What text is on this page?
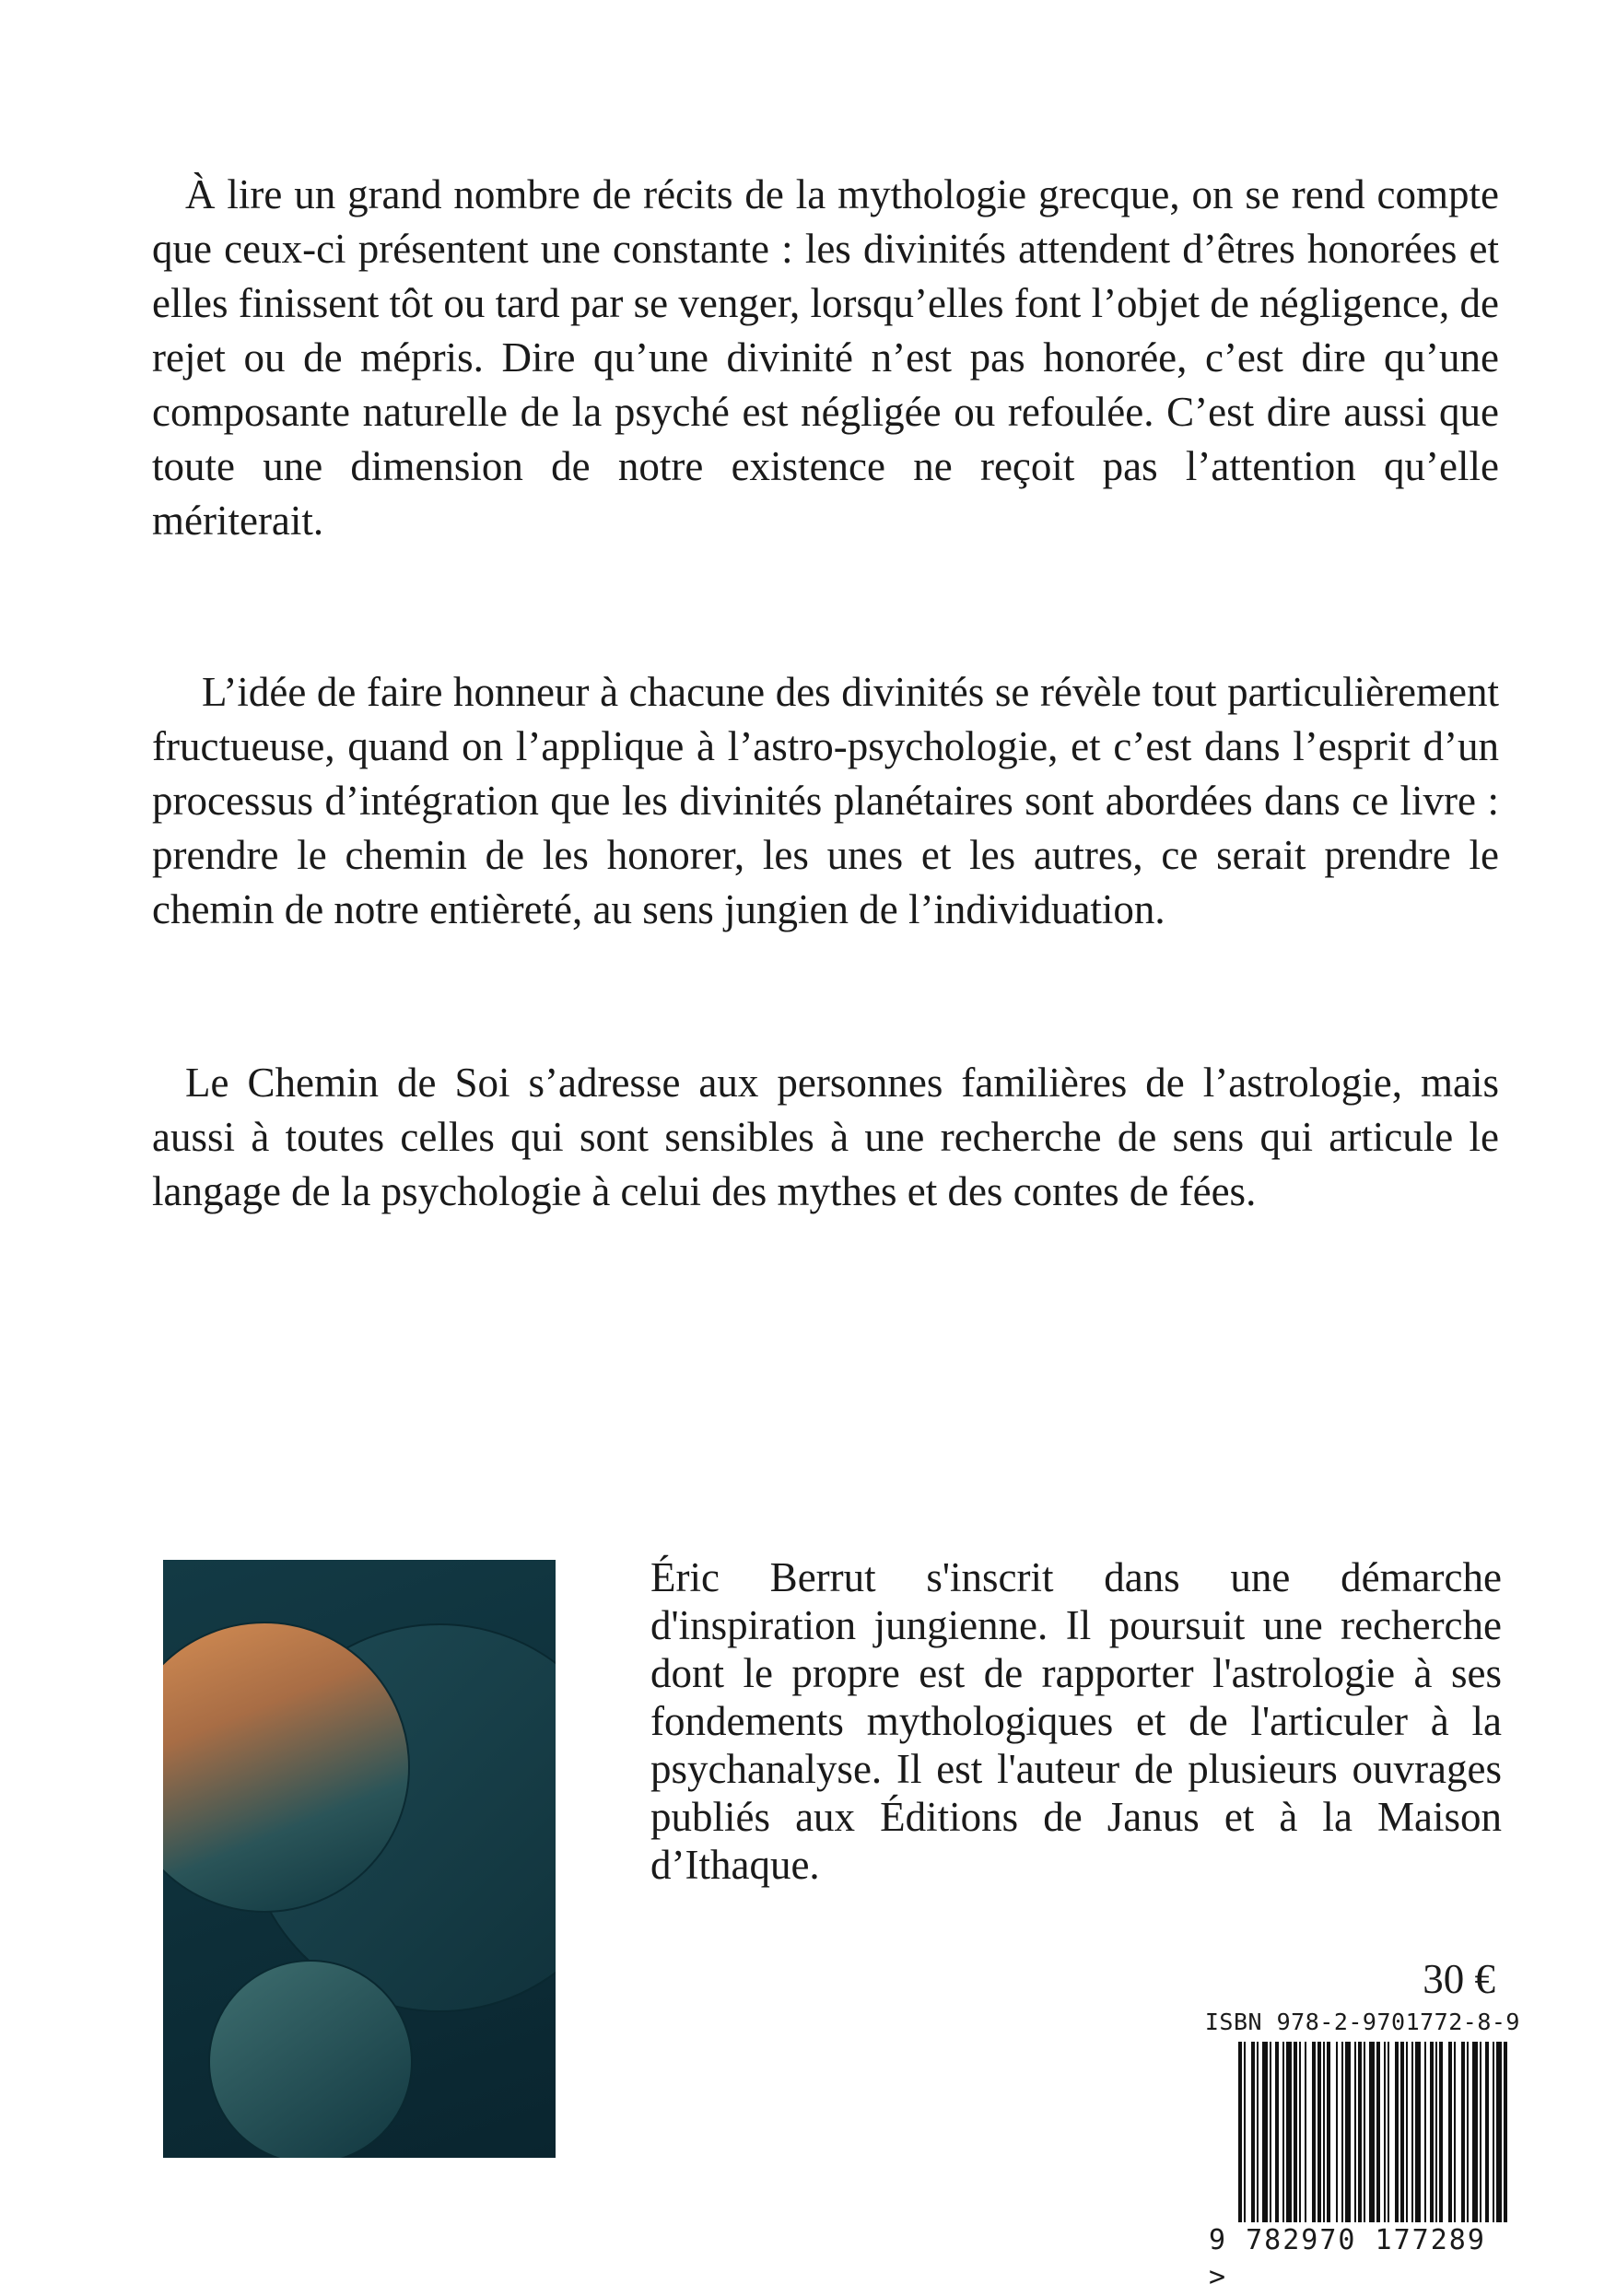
À lire un grand nombre de récits de la mythologie grecque, on se rend compte que ceux-ci présentent une constante : les divinités attendent d’êtres honorées et elles finissent tôt ou tard par se venger, lorsqu’elles font l’objet de négligence, de rejet ou de mépris. Dire qu’une divinité n’est pas honorée, c’est dire qu’une composante naturelle de la psyché est négligée ou refoulée. C’est dire aussi que toute une dimension de notre existence ne reçoit pas l’attention qu’elle mériterait.

L’idée de faire honneur à chacune des divinités se révèle tout particulièrement fructueuse, quand on l’applique à l’astro-psychologie, et c’est dans l’esprit d’un processus d’intégration que les divinités planétaires sont abordées dans ce livre : prendre le chemin de les honorer, les unes et les autres, ce serait prendre le chemin de notre entièreté, au sens jungien de l’individuation.

Le Chemin de Soi s’adresse aux personnes familières de l’astrologie, mais aussi à toutes celles qui sont sensibles à une recherche de sens qui articule le langage de la psychologie à celui des mythes et des contes de fées.

Éric Berrut s'inscrit dans une démarche d'inspiration jungienne. Il poursuit une recherche dont le propre est de rapporter l'astrologie à ses fondements mythologiques et de l'articuler à la psychanalyse. Il est l'auteur de plusieurs ouvrages publiés aux Éditions de Janus et à la Maison d’Ithaque.

30 €
ISBN 978-2-9701772-8-9
9 782970 177289 >
